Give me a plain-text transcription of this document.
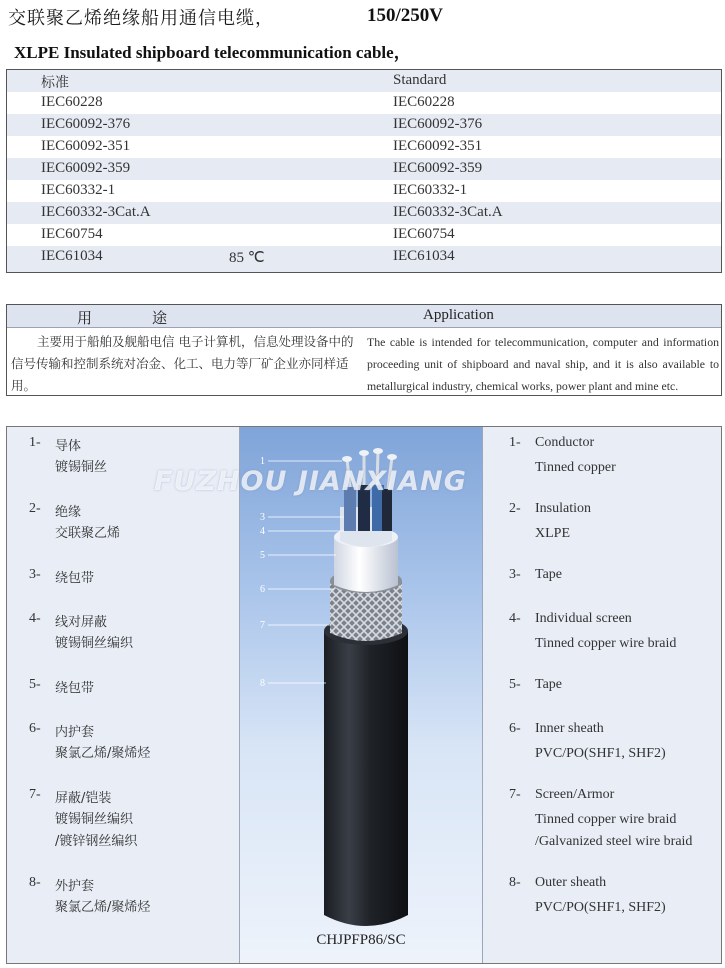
交联聚乙烯绝缘船用通信电缆，	150/250V
XLPE Insulated shipboard telecommunication cable，
标准	Standard
IEC60228	IEC60228
IEC60092-376	IEC60092-376
IEC60092-351	IEC60092-351
IEC60092-359	IEC60092-359
IEC60332-1	IEC60332-1
IEC60332-3Cat.A	IEC60332-3Cat.A
IEC60754	IEC60754
IEC61034	85 ℃	IEC61034
用途	Application
主要用于船舶及舰船电信 电子计算机，信息处理设备中的信号传输和控制系统对冶金、化工、电力等厂矿企业亦同样适用。
The cable is intended for telecommunication, computer and information proceeding unit of shipboard and naval ship, and it is also available to metallurgical industry, chemical works, power plant and mine etc.
1- 导体
镀锡铜丝
2- 绝缘
交联聚乙烯
3- 绕包带
4- 线对屏蔽
镀锡铜丝编织
5- 绕包带
6- 内护套
聚氯乙烯/聚烯烃
7- 屏蔽/铠装
镀锡铜丝编织
/镀锌钢丝编织
8- 外护套
聚氯乙烯/聚烯烃
1
3
4
5
6
7
8
CHJPFP86/SC
1- Conductor
Tinned copper
2- Insulation
XLPE
3- Tape
4- Individual screen
Tinned copper wire braid
5- Tape
6- Inner sheath
PVC/PO(SHF1, SHF2)
7- Screen/Armor
Tinned copper wire braid
/Galvanized steel wire braid
8- Outer sheath
PVC/PO(SHF1, SHF2)
FUZHOU JIANXIANG
